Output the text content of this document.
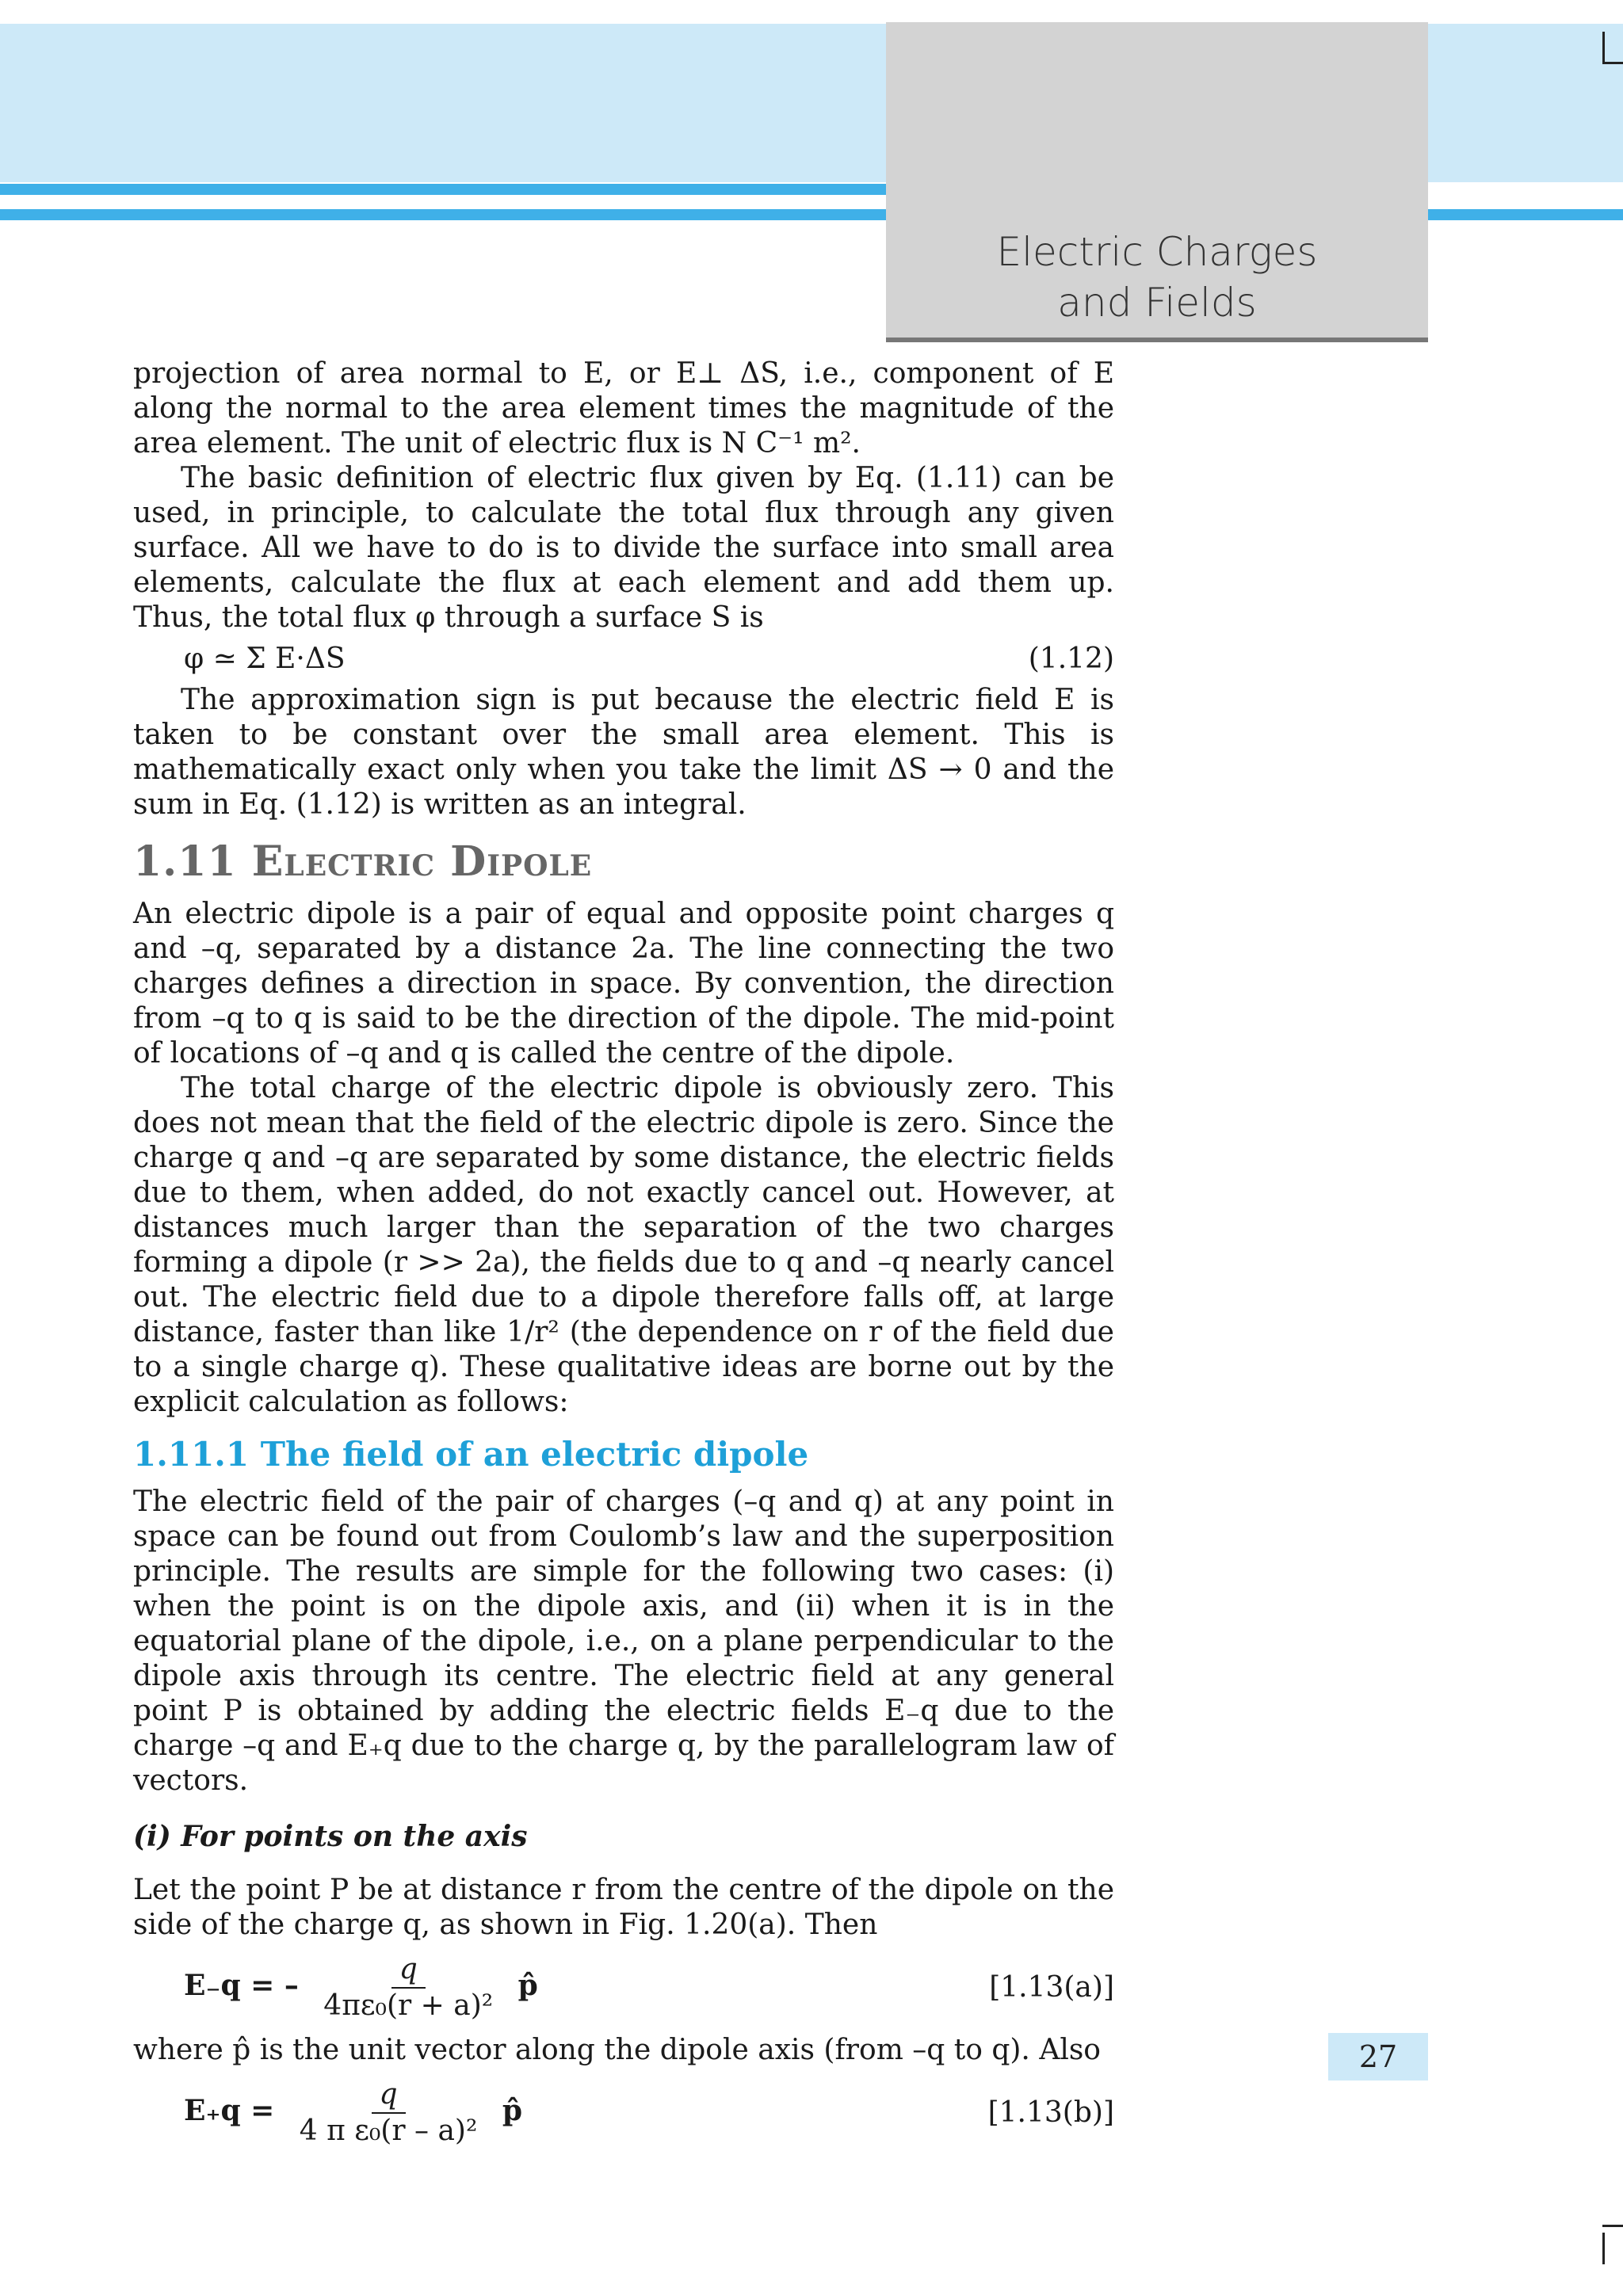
Electric Charges
and Fields

projection of area normal to E, or E⊥ ΔS, i.e., component of E along the normal to the area element times the magnitude of the area element. The unit of electric flux is N C⁻¹ m².

The basic definition of electric flux given by Eq. (1.11) can be used, in principle, to calculate the total flux through any given surface. All we have to do is to divide the surface into small area elements, calculate the flux at each element and add them up. Thus, the total flux φ through a surface S is

φ ≃ Σ E·ΔS	(1.12)

The approximation sign is put because the electric field E is taken to be constant over the small area element. This is mathematically exact only when you take the limit ΔS → 0 and the sum in Eq. (1.12) is written as an integral.

1.11 Electric Dipole

An electric dipole is a pair of equal and opposite point charges q and –q, separated by a distance 2a. The line connecting the two charges defines a direction in space. By convention, the direction from –q to q is said to be the direction of the dipole. The mid-point of locations of –q and q is called the centre of the dipole.

The total charge of the electric dipole is obviously zero. This does not mean that the field of the electric dipole is zero. Since the charge q and –q are separated by some distance, the electric fields due to them, when added, do not exactly cancel out. However, at distances much larger than the separation of the two charges forming a dipole (r >> 2a), the fields due to q and –q nearly cancel out. The electric field due to a dipole therefore falls off, at large distance, faster than like 1/r² (the dependence on r of the field due to a single charge q). These qualitative ideas are borne out by the explicit calculation as follows:

1.11.1 The field of an electric dipole

The electric field of the pair of charges (–q and q) at any point in space can be found out from Coulomb’s law and the superposition principle. The results are simple for the following two cases: (i) when the point is on the dipole axis, and (ii) when it is in the equatorial plane of the dipole, i.e., on a plane perpendicular to the dipole axis through its centre. The electric field at any general point P is obtained by adding the electric fields E₋q due to the charge –q and E₊q due to the charge q, by the parallelogram law of vectors.

(i) For points on the axis

Let the point P be at distance r from the centre of the dipole on the side of the charge q, as shown in Fig. 1.20(a). Then

E₋q = – $\frac{q}{\text{4πε₀(r + a)²}}$ p̂	[1.13(a)]

where p̂ is the unit vector along the dipole axis (from –q to q). Also

$E_+q = \frac{q}{\text{4 π ε₀(r – a)²}}$ p̂	[1.13(b)]
27
